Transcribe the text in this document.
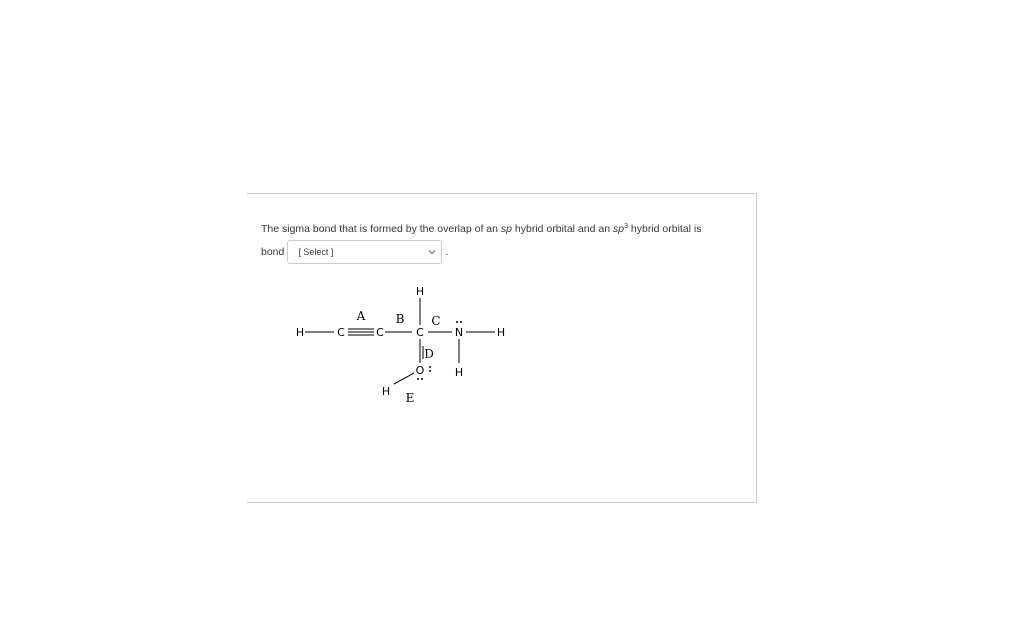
The sigma bond that is formed by the overlap of an sp hybrid orbital and an $sp^3$ hybrid orbital is
bond [ Select ]	.
H	C	C	C	N
H
H
H
O
H
A	B C
D
E
